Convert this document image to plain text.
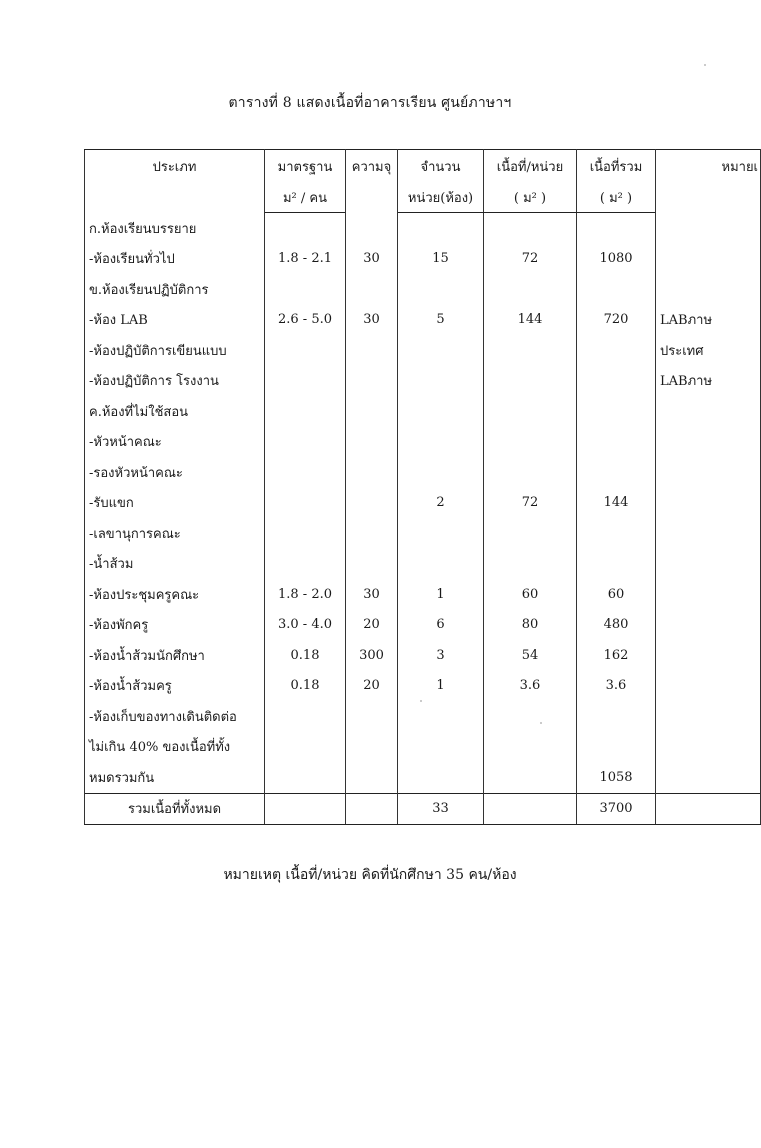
ตารางที่ 8 แสดงเนื้อที่อาคารเรียน ศูนย์ภาษาฯ
ประเภท	มาตรฐาน	ความจุ	จำนวน	เนื้อที่/หน่วย	เนื้อที่รวม	หมายเ
	ม² / คน		หน่วย(ห้อง)	( ม² )	( ม² )	
ก.ห้องเรียนบรรยาย						
-ห้องเรียนทั่วไป	1.8 - 2.1	30	15	72	1080	
ข.ห้องเรียนปฏิบัติการ						
-ห้อง LAB	2.6 - 5.0	30	5	144	720	LABภาษ
-ห้องปฏิบัติการเขียนแบบ						ประเทศ
-ห้องปฏิบัติการ โรงงาน						LABภาษ
ค.ห้องที่ไม่ใช้สอน						
-หัวหน้าคณะ						
-รองหัวหน้าคณะ						
-รับแขก			2	72	144	
-เลขานุการคณะ						
-น้ำส้วม						
-ห้องประชุมครูคณะ	1.8 - 2.0	30	1	60	60	
-ห้องพักครู	3.0 - 4.0	20	6	80	480	
-ห้องน้ำส้วมนักศึกษา	0.18	300	3	54	162	
-ห้องน้ำส้วมครู	0.18	20	1	3.6	3.6	
-ห้องเก็บของทางเดินติดต่อ						
ไม่เกิน 40% ของเนื้อที่ทั้ง						
หมดรวมกัน					1058	
รวมเนื้อที่ทั้งหมด			33		3700	
หมายเหตุ เนื้อที่/หน่วย คิดที่นักศึกษา 35 คน/ห้อง
